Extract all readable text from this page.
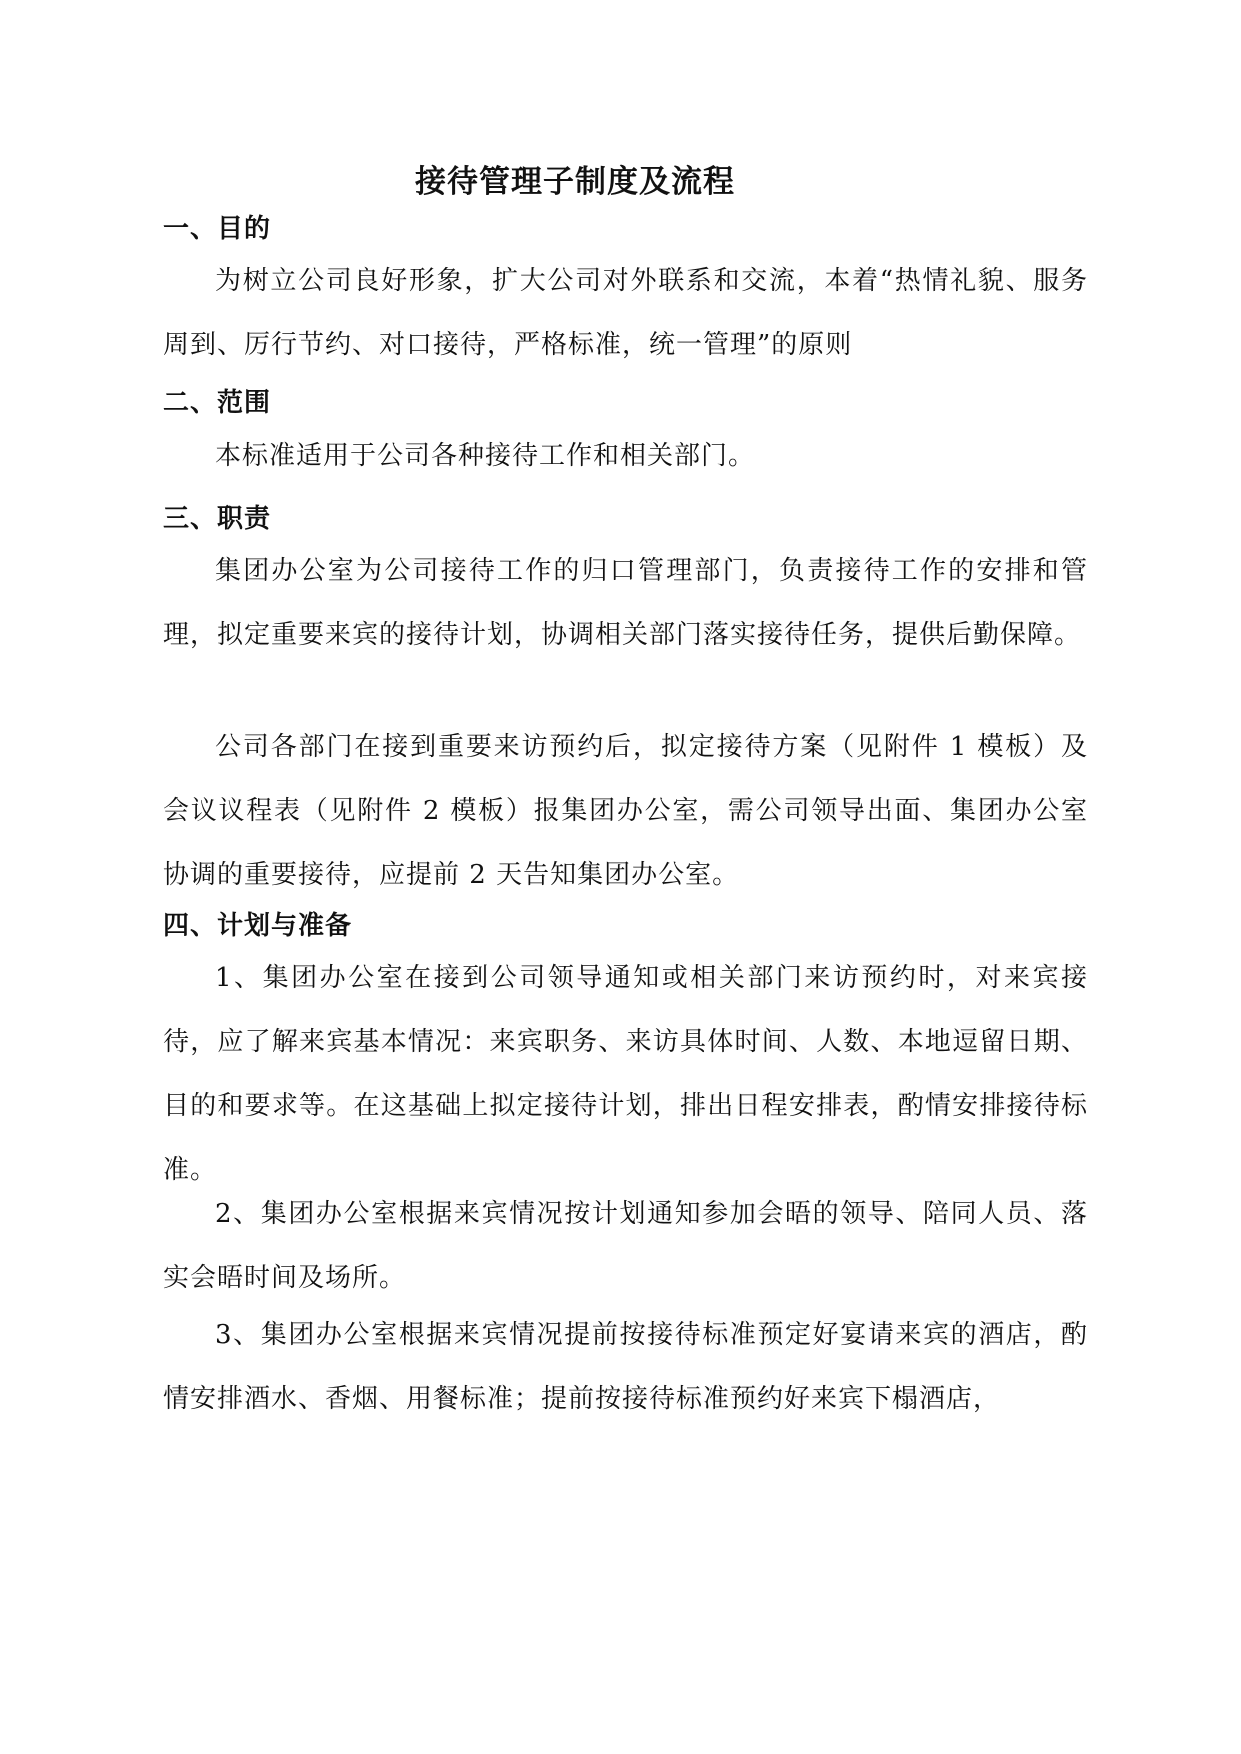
接待管理子制度及流程
一、目的

为树立公司良好形象，扩大公司对外联系和交流，本着“热情礼貌、服务周到、厉行节约、对口接待，严格标准，统一管理”的原则

二、范围

本标准适用于公司各种接待工作和相关部门。

三、职责

集团办公室为公司接待工作的归口管理部门，负责接待工作的安排和管理，拟定重要来宾的接待计划，协调相关部门落实接待任务，提供后勤保障。

公司各部门在接到重要来访预约后，拟定接待方案（见附件 1 模板）及会议议程表（见附件 2 模板）报集团办公室，需公司领导出面、集团办公室协调的重要接待，应提前 2 天告知集团办公室。

四、计划与准备

1、集团办公室在接到公司领导通知或相关部门来访预约时，对来宾接待，应了解来宾基本情况：来宾职务、来访具体时间、人数、本地逗留日期、目的和要求等。在这基础上拟定接待计划，排出日程安排表，酌情安排接待标准。

2、集团办公室根据来宾情况按计划通知参加会晤的领导、陪同人员、落实会晤时间及场所。

3、集团办公室根据来宾情况提前按接待标准预定好宴请来宾的酒店，酌情安排酒水、香烟、用餐标准；提前按接待标准预约好来宾下榻酒店，
